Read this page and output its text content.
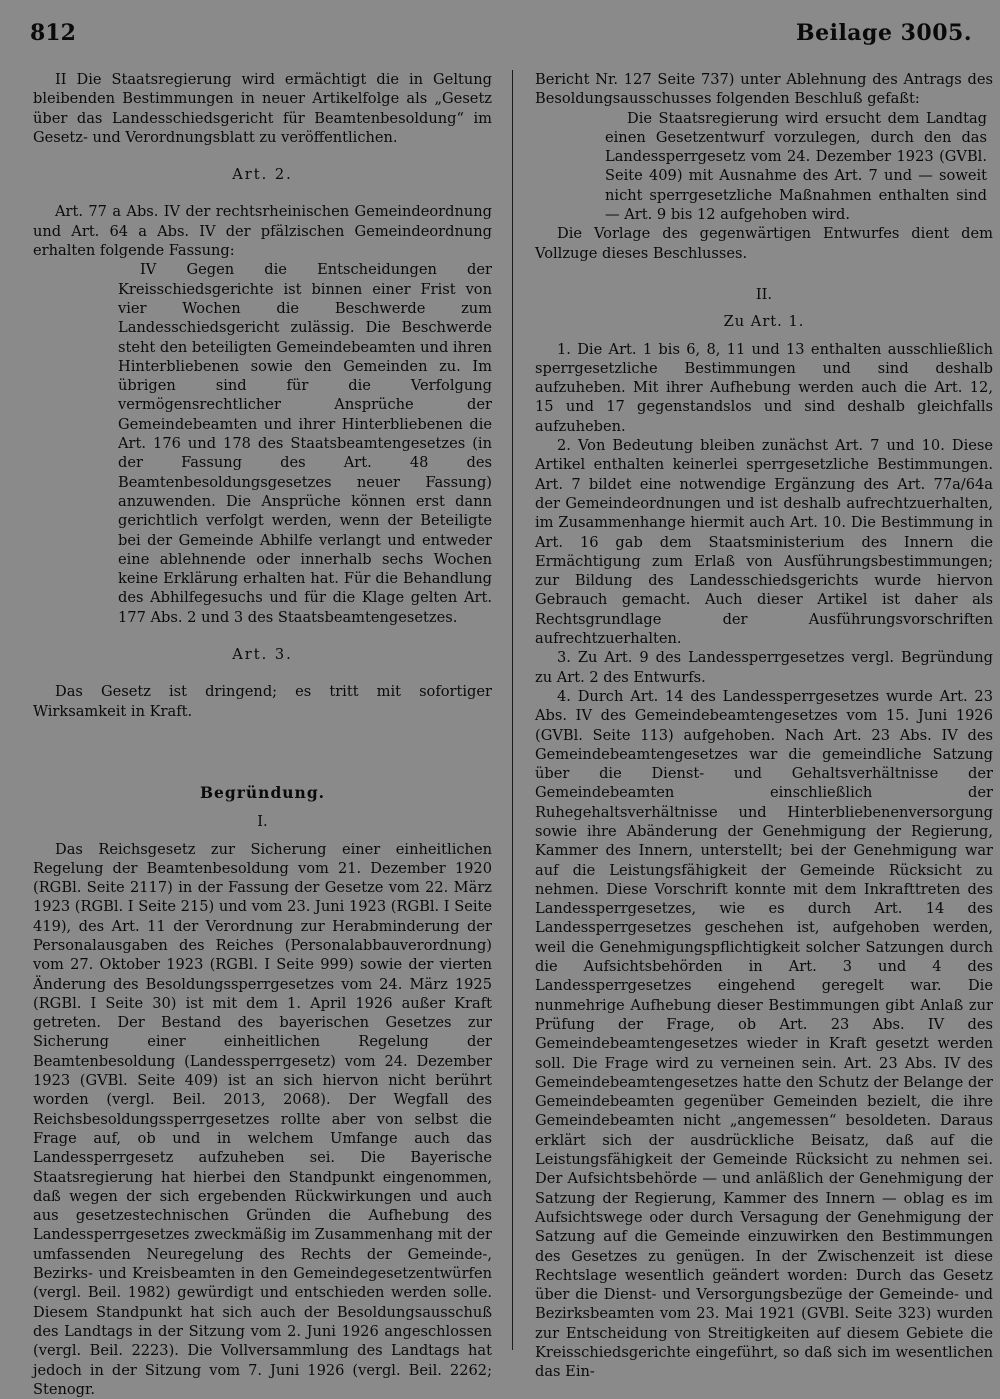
812	Beilage 3005.

II Die Staatsregierung wird ermächtigt die in Geltung bleibenden Bestimmungen in neuer Artikelfolge als „Gesetz über das Landesschiedsgericht für Beamtenbesoldung“ im Gesetz- und Verordnungsblatt zu veröffentlichen.

Art. 2.

Art. 77 a Abs. IV der rechtsrheinischen Gemeindeordnung und Art. 64 a Abs. IV der pfälzischen Gemeindeordnung erhalten folgende Fassung:

IV Gegen die Entscheidungen der Kreisschiedsgerichte ist binnen einer Frist von vier Wochen die Beschwerde zum Landesschiedsgericht zulässig. Die Beschwerde steht den beteiligten Gemeindebeamten und ihren Hinterbliebenen sowie den Gemeinden zu. Im übrigen sind für die Verfolgung vermögensrechtlicher Ansprüche der Gemeindebeamten und ihrer Hinterbliebenen die Art. 176 und 178 des Staatsbeamtengesetzes (in der Fassung des Art. 48 des Beamtenbesoldungsgesetzes neuer Fassung) anzuwenden. Die Ansprüche können erst dann gerichtlich verfolgt werden, wenn der Beteiligte bei der Gemeinde Abhilfe verlangt und entweder eine ablehnende oder innerhalb sechs Wochen keine Erklärung erhalten hat. Für die Behandlung des Abhilfegesuchs und für die Klage gelten Art. 177 Abs. 2 und 3 des Staatsbeamtengesetzes.

Art. 3.

Das Gesetz ist dringend; es tritt mit sofortiger Wirksamkeit in Kraft.

Begründung.

I.

Das Reichsgesetz zur Sicherung einer einheitlichen Regelung der Beamtenbesoldung vom 21. Dezember 1920 (RGBl. Seite 2117) in der Fassung der Gesetze vom 22. März 1923 (RGBl. I Seite 215) und vom 23. Juni 1923 (RGBl. I Seite 419), des Art. 11 der Verordnung zur Herabminderung der Personalausgaben des Reiches (Personalabbauverordnung) vom 27. Oktober 1923 (RGBl. I Seite 999) sowie der vierten Änderung des Besoldungssperrgesetzes vom 24. März 1925 (RGBl. I Seite 30) ist mit dem 1. April 1926 außer Kraft getreten. Der Bestand des bayerischen Gesetzes zur Sicherung einer einheitlichen Regelung der Beamtenbesoldung (Landessperrgesetz) vom 24. Dezember 1923 (GVBl. Seite 409) ist an sich hiervon nicht berührt worden (vergl. Beil. 2013, 2068). Der Wegfall des Reichsbesoldungssperrgesetzes rollte aber von selbst die Frage auf, ob und in welchem Umfange auch das Landessperrgesetz aufzuheben sei. Die Bayerische Staatsregierung hat hierbei den Standpunkt eingenommen, daß wegen der sich ergebenden Rückwirkungen und auch aus gesetzestechnischen Gründen die Aufhebung des Landessperrgesetzes zweckmäßig im Zusammenhang mit der umfassenden Neuregelung des Rechts der Gemeinde-, Bezirks- und Kreisbeamten in den Gemeindegesetzentwürfen (vergl. Beil. 1982) gewürdigt und entschieden werden solle. Diesem Standpunkt hat sich auch der Besoldungsausschuß des Landtags in der Sitzung vom 2. Juni 1926 angeschlossen (vergl. Beil. 2223). Die Vollversammlung des Landtags hat jedoch in der Sitzung vom 7. Juni 1926 (vergl. Beil. 2262; Stenogr.

Bericht Nr. 127 Seite 737) unter Ablehnung des Antrags des Besoldungsausschusses folgenden Beschluß gefaßt:

Die Staatsregierung wird ersucht dem Landtag einen Gesetzentwurf vorzulegen, durch den das Landessperrgesetz vom 24. Dezember 1923 (GVBl. Seite 409) mit Ausnahme des Art. 7 und — soweit nicht sperrgesetzliche Maßnahmen enthalten sind — Art. 9 bis 12 aufgehoben wird.

Die Vorlage des gegenwärtigen Entwurfes dient dem Vollzuge dieses Beschlusses.

II.

Zu Art. 1.

1. Die Art. 1 bis 6, 8, 11 und 13 enthalten ausschließlich sperrgesetzliche Bestimmungen und sind deshalb aufzuheben. Mit ihrer Aufhebung werden auch die Art. 12, 15 und 17 gegenstandslos und sind deshalb gleichfalls aufzuheben.

2. Von Bedeutung bleiben zunächst Art. 7 und 10. Diese Artikel enthalten keinerlei sperrgesetzliche Bestimmungen. Art. 7 bildet eine notwendige Ergänzung des Art. 77a/64a der Gemeindeordnungen und ist deshalb aufrechtzuerhalten, im Zusammenhange hiermit auch Art. 10. Die Bestimmung in Art. 16 gab dem Staatsministerium des Innern die Ermächtigung zum Erlaß von Ausführungsbestimmungen; zur Bildung des Landesschiedsgerichts wurde hiervon Gebrauch gemacht. Auch dieser Artikel ist daher als Rechtsgrundlage der Ausführungsvorschriften aufrechtzuerhalten.

3. Zu Art. 9 des Landessperrgesetzes vergl. Begründung zu Art. 2 des Entwurfs.

4. Durch Art. 14 des Landessperrgesetzes wurde Art. 23 Abs. IV des Gemeindebeamtengesetzes vom 15. Juni 1926 (GVBl. Seite 113) aufgehoben. Nach Art. 23 Abs. IV des Gemeindebeamtengesetzes war die gemeindliche Satzung über die Dienst- und Gehaltsverhältnisse der Gemeindebeamten einschließlich der Ruhegehaltsverhältnisse und Hinterbliebenenversorgung sowie ihre Abänderung der Genehmigung der Regierung, Kammer des Innern, unterstellt; bei der Genehmigung war auf die Leistungsfähigkeit der Gemeinde Rücksicht zu nehmen. Diese Vorschrift konnte mit dem Inkrafttreten des Landessperrgesetzes, wie es durch Art. 14 des Landessperrgesetzes geschehen ist, aufgehoben werden, weil die Genehmigungspflichtigkeit solcher Satzungen durch die Aufsichtsbehörden in Art. 3 und 4 des Landessperrgesetzes eingehend geregelt war. Die nunmehrige Aufhebung dieser Bestimmungen gibt Anlaß zur Prüfung der Frage, ob Art. 23 Abs. IV des Gemeindebeamtengesetzes wieder in Kraft gesetzt werden soll. Die Frage wird zu verneinen sein. Art. 23 Abs. IV des Gemeindebeamtengesetzes hatte den Schutz der Belange der Gemeindebeamten gegenüber Gemeinden bezielt, die ihre Gemeindebeamten nicht „angemessen“ besoldeten. Daraus erklärt sich der ausdrückliche Beisatz, daß auf die Leistungsfähigkeit der Gemeinde Rücksicht zu nehmen sei. Der Aufsichtsbehörde — und anläßlich der Genehmigung der Satzung der Regierung, Kammer des Innern — oblag es im Aufsichtswege oder durch Versagung der Genehmigung der Satzung auf die Gemeinde einzuwirken den Bestimmungen des Gesetzes zu genügen. In der Zwischenzeit ist diese Rechtslage wesentlich geändert worden: Durch das Gesetz über die Dienst- und Versorgungsbezüge der Gemeinde- und Bezirksbeamten vom 23. Mai 1921 (GVBl. Seite 323) wurden zur Entscheidung von Streitigkeiten auf diesem Gebiete die Kreisschiedsgerichte eingeführt, so daß sich im wesentlichen das Ein-
